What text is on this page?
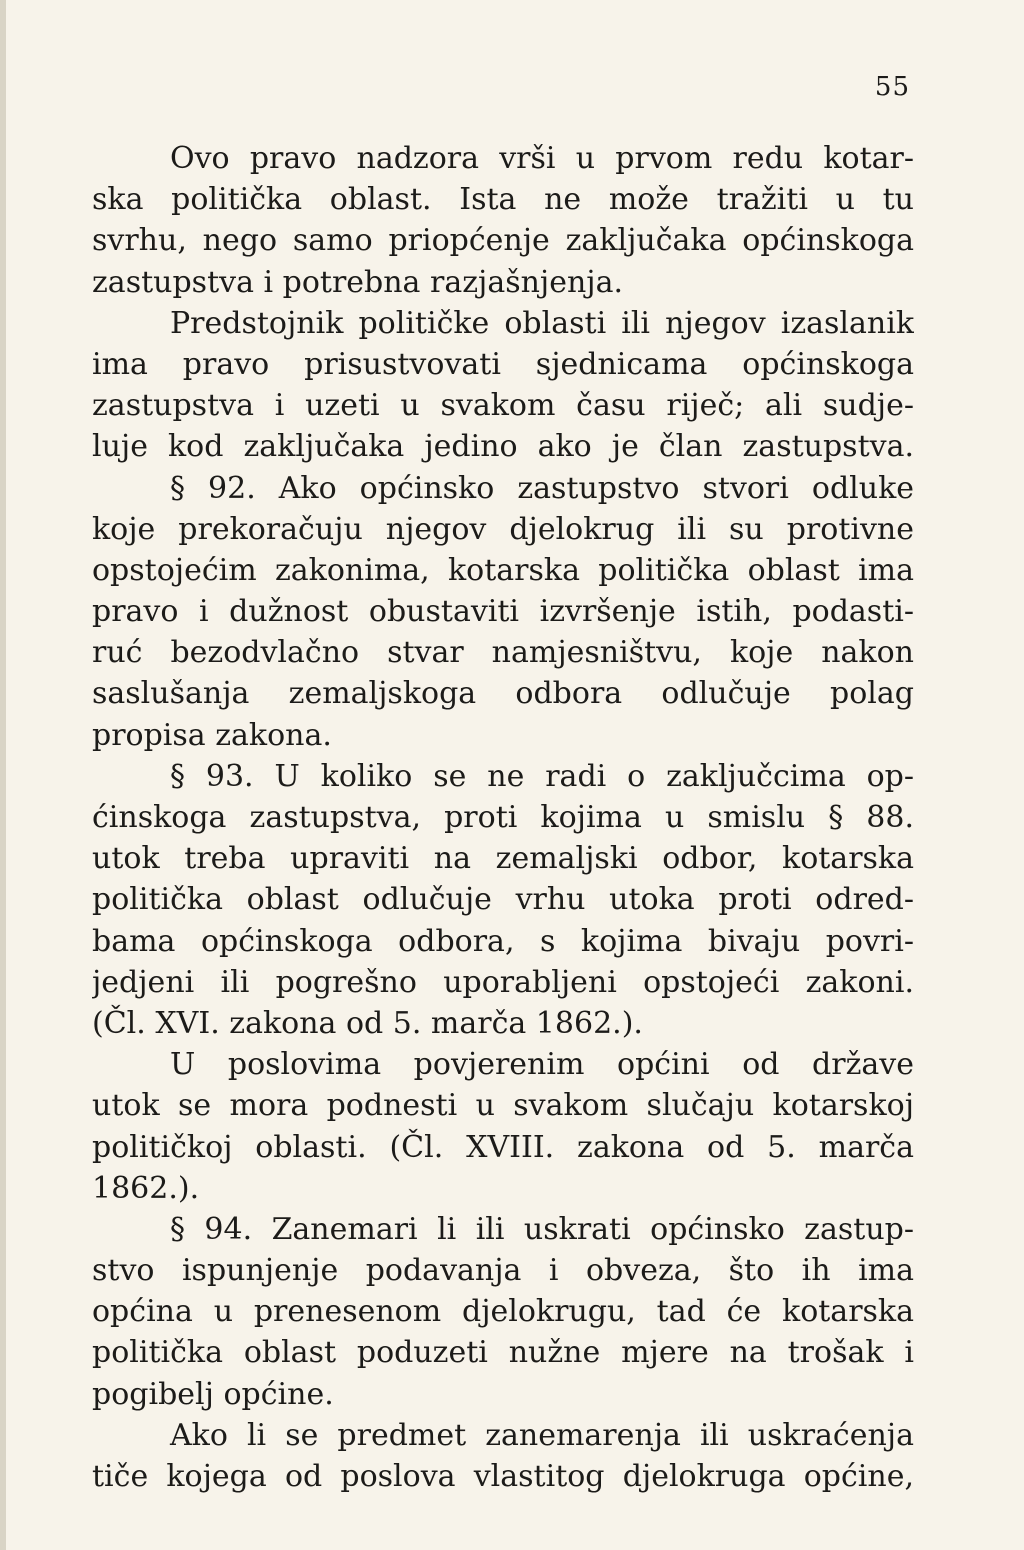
55
Ovo pravo nadzora vrši u prvom redu kotar-
ska politička oblast. Ista ne može tražiti u tu
svrhu, nego samo priopćenje zaključaka općinskoga
zastupstva i potrebna razjašnjenja.
Predstojnik političke oblasti ili njegov izaslanik
ima pravo prisustvovati sjednicama općinskoga
zastupstva i uzeti u svakom času riječ; ali sudje-
luje kod zaključaka jedino ako je član zastupstva.
§ 92. Ako općinsko zastupstvo stvori odluke
koje prekoračuju njegov djelokrug ili su protivne
opstojećim zakonima, kotarska politička oblast ima
pravo i dužnost obustaviti izvršenje istih, podasti-
ruć bezodvlačno stvar namjesništvu, koje nakon
saslušanja zemaljskoga odbora odlučuje polag
propisa zakona.
§ 93. U koliko se ne radi o zaključcima op-
ćinskoga zastupstva, proti kojima u smislu § 88.
utok treba upraviti na zemaljski odbor, kotarska
politička oblast odlučuje vrhu utoka proti odred-
bama općinskoga odbora, s kojima bivaju povri-
jedjeni ili pogrešno uporabljeni opstojeći zakoni.
(Čl. XVI. zakona od 5. marča 1862.).
U poslovima povjerenim općini od države
utok se mora podnesti u svakom slučaju kotarskoj
političkoj oblasti. (Čl. XVIII. zakona od 5. marča
1862.).
§ 94. Zanemari li ili uskrati općinsko zastup-
stvo ispunjenje podavanja i obveza, što ih ima
općina u prenesenom djelokrugu, tad će kotarska
politička oblast poduzeti nužne mjere na trošak i
pogibelj općine.
Ako li se predmet zanemarenja ili uskraćenja
tiče kojega od poslova vlastitog djelokruga općine,
